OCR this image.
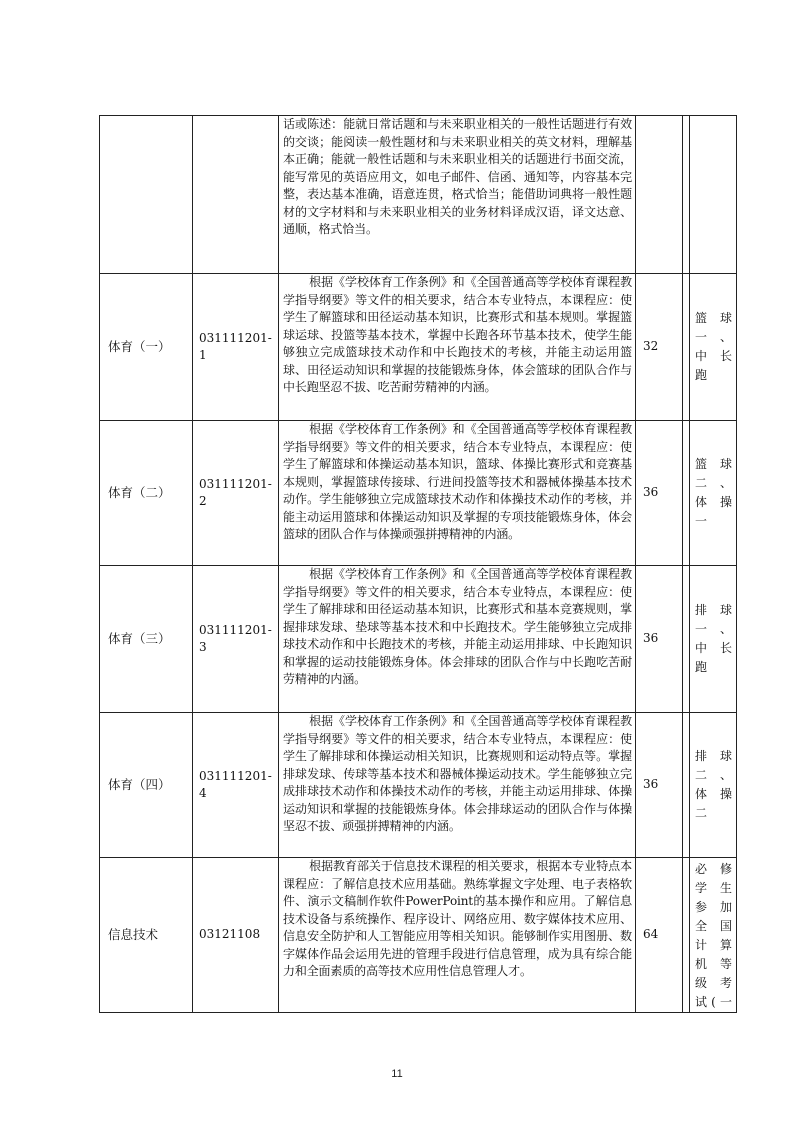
		话或陈述：能就日常话题和与未来职业相关的一般性话题进行有效的交谈；能阅读一般性题材和与未来职业相关的英文材料，理解基本正确；能就一般性话题和与未来职业相关的话题进行书面交流，能写常见的英语应用文，如电子邮件、信函、通知等，内容基本完整，表达基本准确，语意连贯，格式恰当；能借助词典将一般性题材的文字材料和与未来职业相关的业务材料译成汉语，译文达意、通顺，格式恰当。			
体育（一）	031111201-1	根据《学校体育工作条例》和《全国普通高等学校体育课程教学指导纲要》等文件的相关要求，结合本专业特点，本课程应：使学生了解篮球和田径运动基本知识，比赛形式和基本规则。掌握篮球运球、投篮等基本技术，掌握中长跑各环节基本技术，使学生能够独立完成篮球技术动作和中长跑技术的考核，并能主动运用篮球、田径运动知识和掌握的技能锻炼身体，体会篮球的团队合作与中长跑坚忍不拔、吃苦耐劳精神的内涵。	32		篮球一、中长跑
体育（二）	031111201-2	根据《学校体育工作条例》和《全国普通高等学校体育课程教学指导纲要》等文件的相关要求，结合本专业特点，本课程应：使学生了解篮球和体操运动基本知识，篮球、体操比赛形式和竞赛基本规则，掌握篮球传接球、行进间投篮等技术和器械体操基本技术动作。学生能够独立完成篮球技术动作和体操技术动作的考核，并能主动运用篮球和体操运动知识及掌握的专项技能锻炼身体，体会篮球的团队合作与体操顽强拼搏精神的内涵。	36		篮球二、体操一
体育（三）	031111201-3	根据《学校体育工作条例》和《全国普通高等学校体育课程教学指导纲要》等文件的相关要求，结合本专业特点，本课程应：使学生了解排球和田径运动基本知识，比赛形式和基本竞赛规则，掌握排球发球、垫球等基本技术和中长跑技术。学生能够独立完成排球技术动作和中长跑技术的考核，并能主动运用排球、中长跑知识和掌握的运动技能锻炼身体。体会排球的团队合作与中长跑吃苦耐劳精神的内涵。	36		排球一、中长跑
体育（四）	031111201-4	根据《学校体育工作条例》和《全国普通高等学校体育课程教学指导纲要》等文件的相关要求，结合本专业特点，本课程应：使学生了解排球和体操运动相关知识，比赛规则和运动特点等。掌握排球发球、传球等基本技术和器械体操运动技术。学生能够独立完成排球技术动作和体操技术动作的考核，并能主动运用排球、体操运动知识和掌握的技能锻炼身体。体会排球运动的团队合作与体操坚忍不拔、顽强拼搏精神的内涵。	36		排球二、体操二
信息技术	03121108	根据教育部关于信息技术课程的相关要求，根据本专业特点本课程应：了解信息技术应用基础。熟练掌握文字处理、电子表格软件、演示文稿制作软件PowerPoint的基本操作和应用。了解信息技术设备与系统操作、程序设计、网络应用、数字媒体技术应用、信息安全防护和人工智能应用等相关知识。能够制作实用图册、数字媒体作品会运用先进的管理手段进行信息管理，成为具有综合能力和全面素质的高等技术应用性信息管理人才。	64		必修学生参加全国计算机等级考试(一
11
